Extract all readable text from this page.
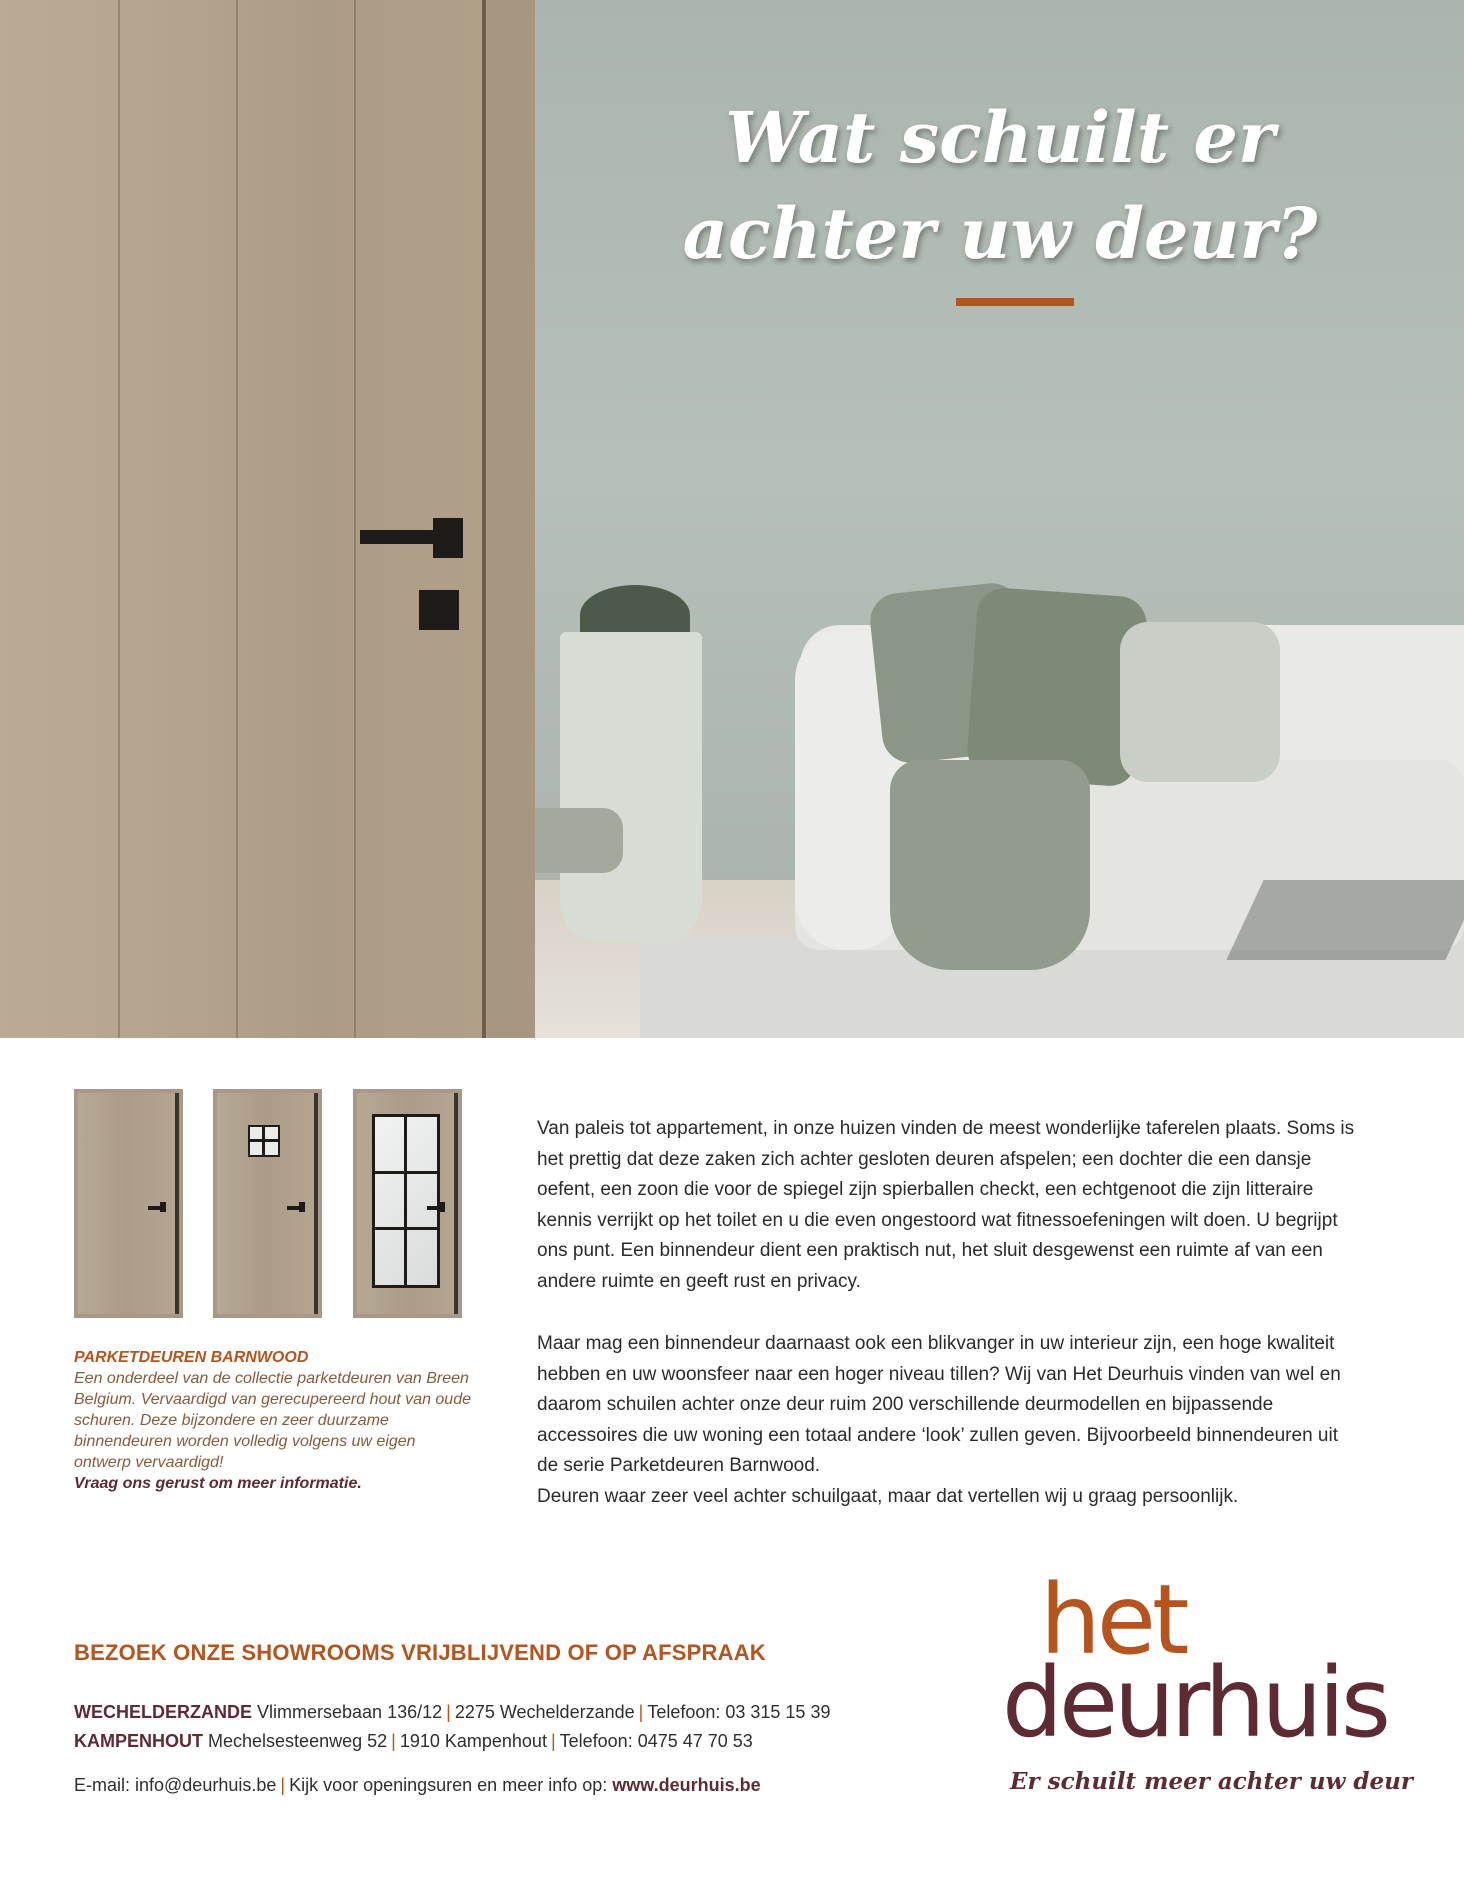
Wat schuilt er
achter uw deur?
PARKETDEUREN BARNWOOD
Een onderdeel van de collectie parketdeuren van Breen Belgium. Vervaardigd van gerecupereerd hout van oude schuren. Deze bijzondere en zeer duurzame binnendeuren worden volledig volgens uw eigen ontwerp vervaardigd!
Vraag ons gerust om meer informatie.

Van paleis tot appartement, in onze huizen vinden de meest wonderlijke taferelen plaats. Soms is het prettig dat deze zaken zich achter gesloten deuren afspelen; een dochter die een dansje oefent, een zoon die voor de spiegel zijn spierballen checkt, een echtgenoot die zijn litteraire kennis verrijkt op het toilet en u die even ongestoord wat fitnessoefeningen wilt doen. U begrijpt ons punt. Een binnendeur dient een praktisch nut, het sluit desgewenst een ruimte af van een andere ruimte en geeft rust en privacy.

Maar mag een binnendeur daarnaast ook een blikvanger in uw interieur zijn, een hoge kwaliteit hebben en uw woonsfeer naar een hoger niveau tillen? Wij van Het Deurhuis vinden van wel en daarom schuilen achter onze deur ruim 200 verschillende deurmodellen en bijpassende accessoires die uw woning een totaal andere ‘look’ zullen geven. Bijvoorbeeld binnendeuren uit de serie Parketdeuren Barnwood.
Deuren waar zeer veel achter schuilgaat, maar dat vertellen wij u graag persoonlijk.

BEZOEK ONZE SHOWROOMS VRIJBLIJVEND OF OP AFSPRAAK
WECHELDERZANDE Vlimmersebaan 136/12 | 2275 Wechelderzande | Telefoon: 03 315 15 39
KAMPENHOUT Mechelsesteenweg 52 | 1910 Kampenhout | Telefoon: 0475 47 70 53
E-mail: info@deurhuis.be | Kijk voor openingsuren en meer info op: www.deurhuis.be
het
deurhuis
Er schuilt meer achter uw deur
